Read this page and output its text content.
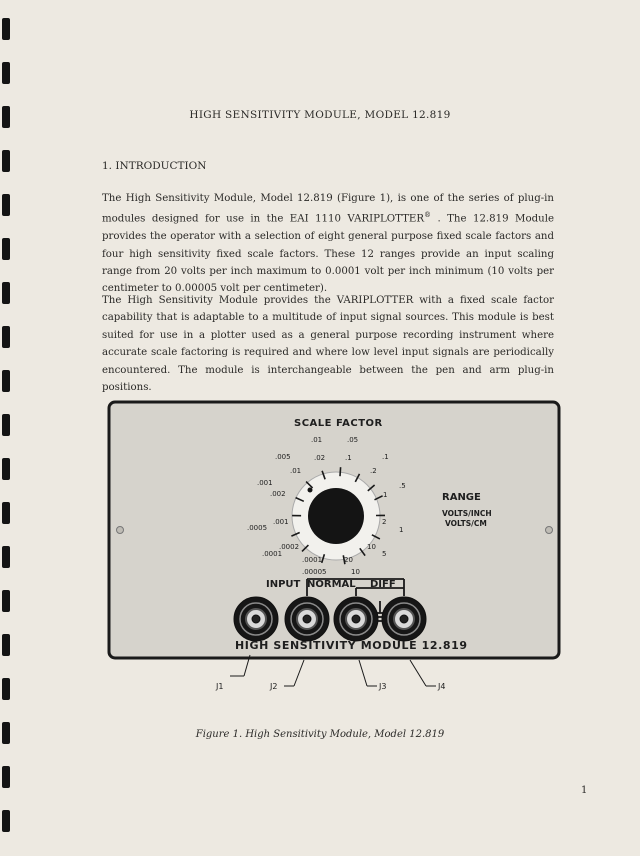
HIGH SENSITIVITY MODULE, MODEL 12.819
1. INTRODUCTION
The High Sensitivity Module, Model 12.819 (Figure 1), is one of the series of plug-in modules designed for use in the EAI 1110 VARIPLOTTER® . The 12.819 Module provides the operator with a selection of eight general purpose fixed scale factors and four high sensitivity fixed scale factors. These 12 ranges provide an input scaling range from 20 volts per inch maximum to 0.0001 volt per inch minimum (10 volts per centimeter to 0.00005 volt per centimeter).
The High Sensitivity Module provides the VARIPLOTTER with a fixed scale factor capability that is adaptable to a multitude of input signal sources. This module is best suited for use in a plotter used as a general purpose recording instrument where accurate scale factoring is required and where low level input signals are periodically encountered. The module is interchangeable between the pen and arm plug-in positions.
SCALE FACTOR
.01	.05
.005	.02	.1	.1
.01	.2
.001	.5
.002	1
.0005
.001	2
1
.0002
.0001
10
.0001	20
5
.00005	10
RANGE
VOLTS/INCH
VOLTS/CM
INPUT NORMAL DIFF
HIGH SENSITIVITY MODULE 12.819
J1	J2	J3	J4
Figure 1. High Sensitivity Module, Model 12.819
1
